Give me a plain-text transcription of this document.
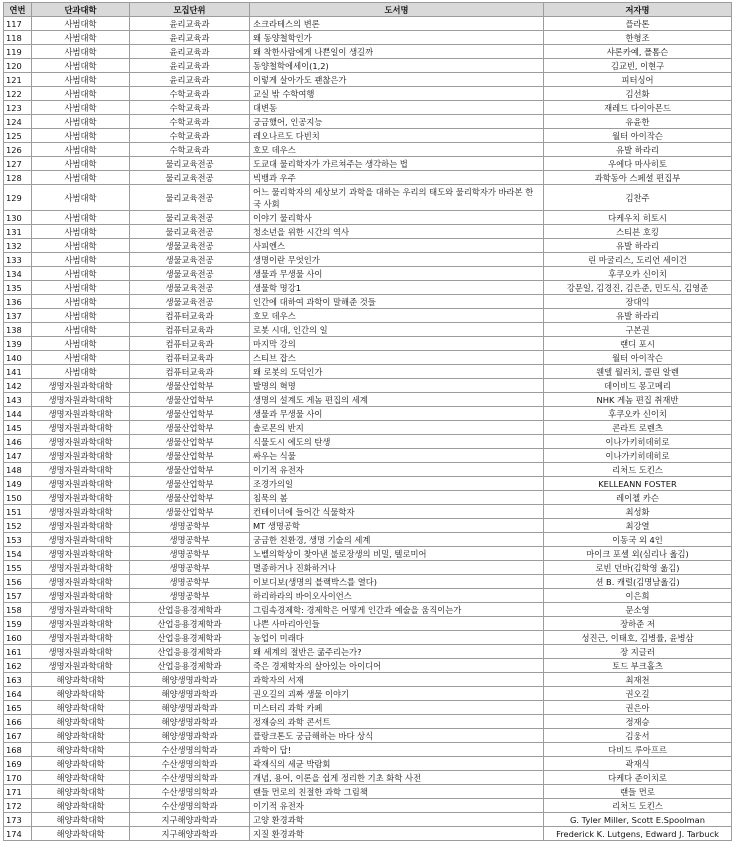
연번	단과대학	모집단위	도서명	저자명
117	사범대학	윤리교육과	소크라테스의 변론	플라톤
118	사범대학	윤리교육과	왜 동양철학인가	한형조
119	사범대학	윤리교육과	왜 착한사람에게 나쁜일이 생길까	샤론카예, 폴톰슨
120	사범대학	윤리교육과	동양철학에세이(1,2)	김교빈, 이현구
121	사범대학	윤리교육과	이렇게 살아가도 괜찮은가	피터싱어
122	사범대학	수학교육과	교실 밖 수학여행	김선화
123	사범대학	수학교육과	대변동	재레드 다이아몬드
124	사범대학	수학교육과	궁금했어, 인공지능	유윤한
125	사범대학	수학교육과	레오나르도 다빈치	월터 아이작슨
126	사범대학	수학교육과	호모 데우스	유발 하라리
127	사범대학	물리교육전공	도쿄대 물리학자가 가르쳐주는 생각하는 법	우에다 마사히토
128	사범대학	물리교육전공	빅뱅과 우주	과학동아 스페셜 편집부
129	사범대학	물리교육전공	어느 물리학자의 세상보기 과학을 대하는 우리의 태도와 물리학자가 바라본 한국 사회	김찬주
130	사범대학	물리교육전공	이야기 물리학사	다케우치 히토시
131	사범대학	물리교육전공	청소년을 위한 시간의 역사	스티븐 호킹
132	사범대학	생물교육전공	사피엔스	유발 하라리
133	사범대학	생물교육전공	생명이란 무엇인가	린 마굴리스, 도리언 세이건
134	사범대학	생물교육전공	생물과 무생물 사이	후쿠오카 신이치
135	사범대학	생물교육전공	생물학 명강1	강문일, 김경진, 김은준, 민도식, 김영준
136	사범대학	생물교육전공	인간에 대하여 과학이 말해준 것들	장대익
137	사범대학	컴퓨터교육과	호모 데우스	유발 하라리
138	사범대학	컴퓨터교육과	로봇 시대, 인간의 일	구본권
139	사범대학	컴퓨터교육과	마지막 강의	랜디 포시
140	사범대학	컴퓨터교육과	스티브 잡스	월터 아이작슨
141	사범대학	컴퓨터교육과	왜 로봇의 도덕인가	웬델 월러치, 콜린 알렌
142	생명자원과학대학	생물산업학부	발명의 혁명	데이비드 몽고메리
143	생명자원과학대학	생물산업학부	생명의 설계도 게놈 편집의 세계	NHK 게놈 편집 취재반
144	생명자원과학대학	생물산업학부	생물과 무생물 사이	후쿠오카 신이치
145	생명자원과학대학	생물산업학부	솔로몬의 반지	콘라트 로렌츠
146	생명자원과학대학	생물산업학부	식물도시 에도의 탄생	이나가키히데히로
147	생명자원과학대학	생물산업학부	싸우는 식물	이나가키히데히로
148	생명자원과학대학	생물산업학부	이기적 유전자	리처드 도킨스
149	생명자원과학대학	생물산업학부	조경가의일	KELLEANN FOSTER
150	생명자원과학대학	생물산업학부	침묵의 봄	레이첼 카슨
151	생명자원과학대학	생물산업학부	컨테이너에 들어간 식물학자	최성화
152	생명자원과학대학	생명공학부	MT 생명공학	최강열
153	생명자원과학대학	생명공학부	궁금한 친환경, 생명 기술의 세계	이동국 외 4인
154	생명자원과학대학	생명공학부	노벨의학상이 찾아낸 불로장생의 비밀, 텔로미어	마이크 포셀 외(심리나 옮김)
155	생명자원과학대학	생명공학부	멸종하거나 진화하거나	로빈 던바(김학영 옮김)
156	생명자원과학대학	생명공학부	이보디보(생명의 블랙박스를 열다)	션 B. 캐럴(김명남옮김)
157	생명자원과학대학	생명공학부	하리하라의 바이오사이언스	이은희
158	생명자원과학대학	산업응용경제학과	그림속경제학: 경제학은 어떻게 인간과 예술을 움직이는가	문소영
159	생명자원과학대학	산업응용경제학과	나쁜 사마리아인들	장하준 저
160	생명자원과학대학	산업응용경제학과	농업이 미래다	성진근, 이태호, 김병률, 윤병삼
161	생명자원과학대학	산업응용경제학과	왜 세계의 절반은 굶주리는가?	장 지글러
162	생명자원과학대학	산업응용경제학과	죽은 경제학자의 살아있는 아이디어	토드 부크홀츠
163	해양과학대학	해양생명과학과	과학자의 서재	최재천
164	해양과학대학	해양생명과학과	권오길의 괴짜 생물 이야기	권오길
165	해양과학대학	해양생명과학과	미스터리 과학 카페	권은아
166	해양과학대학	해양생명과학과	정재승의 과학 콘서트	정재승
167	해양과학대학	해양생명과학과	플랑크톤도 궁금해하는 바다 상식	김웅서
168	해양과학대학	수산생명의학과	과학이 답!	다비드 루아프르
169	해양과학대학	수산생명의학과	곽재식의 세균 박람회	곽재식
170	해양과학대학	수산생명의학과	개념, 용어, 이론을 쉽게 정리한 기초 화학 사전	다케다 준이치로
171	해양과학대학	수산생명의학과	랜들 먼로의 친절한 과학 그림책	랜들 먼로
172	해양과학대학	수산생명의학과	이기적 유전자	리처드 도킨스
173	해양과학대학	지구해양과학과	고양 환경과학	G. Tyler Miller, Scott E.Spoolman
174	해양과학대학	지구해양과학과	지질 환경과학	Frederick K. Lutgens, Edward J. Tarbuck
